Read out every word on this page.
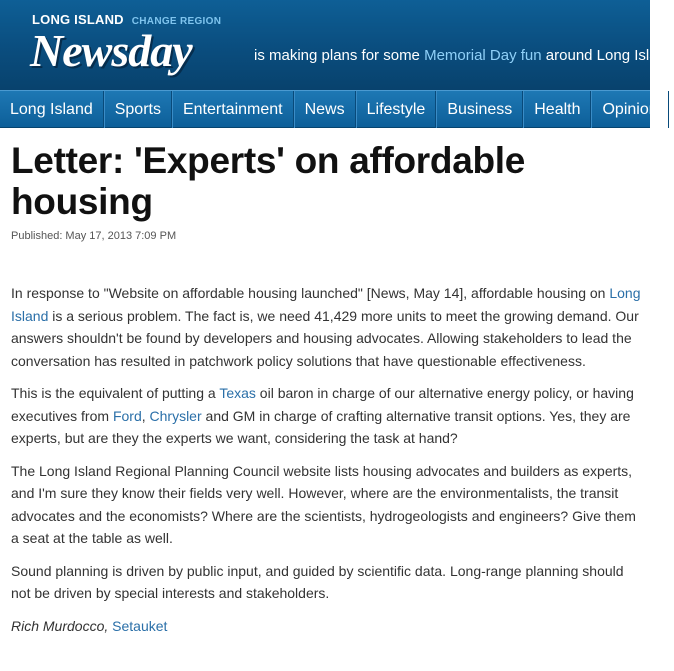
LONG ISLAND CHANGE REGION
Newsday	is making plans for some Memorial Day fun around Long Island
Long Island	Sports	Entertainment	News	Lifestyle	Business	Health	Opinion
Letter: 'Experts' on affordable housing
Published: May 17, 2013 7:09 PM

In response to "Website on affordable housing launched" [News, May 14], affordable housing on Long Island is a serious problem. The fact is, we need 41,429 more units to meet the growing demand. Our answers shouldn't be found by developers and housing advocates. Allowing stakeholders to lead the conversation has resulted in patchwork policy solutions that have questionable effectiveness.

This is the equivalent of putting a Texas oil baron in charge of our alternative energy policy, or having executives from Ford, Chrysler and GM in charge of crafting alternative transit options. Yes, they are experts, but are they the experts we want, considering the task at hand?

The Long Island Regional Planning Council website lists housing advocates and builders as experts, and I'm sure they know their fields very well. However, where are the environmentalists, the transit advocates and the economists? Where are the scientists, hydrogeologists and engineers? Give them a seat at the table as well.

Sound planning is driven by public input, and guided by scientific data. Long-range planning should not be driven by special interests and stakeholders.

Rich Murdocco, Setauket
